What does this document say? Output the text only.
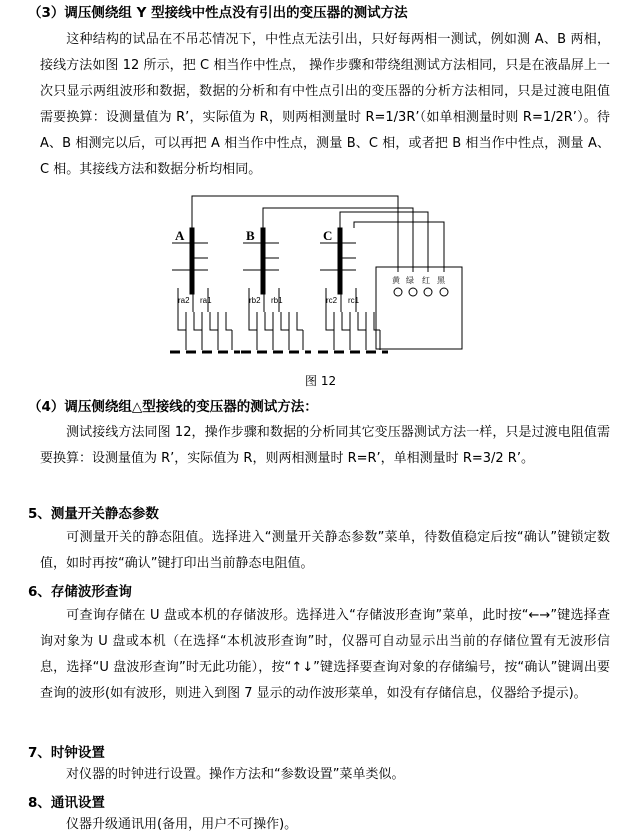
（3）调压侧绕组 Y 型接线中性点没有引出的变压器的测试方法
这种结构的试品在不吊芯情况下，中性点无法引出，只好每两相一测试，例如测 A、B 两相，接线方法如图 12 所示，把 C 相当作中性点， 操作步骤和带绕组测试方法相同，只是在液晶屏上一次只显示两组波形和数据，数据的分析和有中性点引出的变压器的分析方法相同，只是过渡电阻值需要换算：设测量值为 R’，实际值为 R，则两相测量时 R=1/3R’（如单相测量时则 R=1/2R’）。待 A、B 相测完以后，可以再把 A 相当作中性点，测量 B、C 相，或者把 B 相当作中性点，测量 A、C 相。其接线方法和数据分析均相同。
A
ra2 ra1
B
rb2 rb1
C
rc2 rc1
黄 绿 红 黑
图 12
（4）调压侧绕组△型接线的变压器的测试方法：
测试接线方法同图 12，操作步骤和数据的分析同其它变压器测试方法一样，只是过渡电阻值需要换算：设测量值为 R’，实际值为 R，则两相测量时 R=R’，单相测量时 R=3/2 R’。
5、测量开关静态参数
可测量开关的静态阻值。选择进入“测量开关静态参数”菜单，待数值稳定后按“确认”键锁定数值，如时再按“确认”键打印出当前静态电阻值。
6、存储波形查询
可查询存储在 U 盘或本机的存储波形。选择进入“存储波形查询”菜单，此时按“←→”键选择查询对象为 U 盘或本机（在选择“本机波形查询”时，仪器可自动显示出当前的存储位置有无波形信息，选择“U 盘波形查询”时无此功能），按“↑↓”键选择要查询对象的存储编号，按“确认”键调出要查询的波形(如有波形，则进入到图 7 显示的动作波形菜单，如没有存储信息，仪器给予提示)。
7、时钟设置
对仪器的时钟进行设置。操作方法和“参数设置”菜单类似。
8、通讯设置
仪器升级通讯用(备用，用户不可操作)。
